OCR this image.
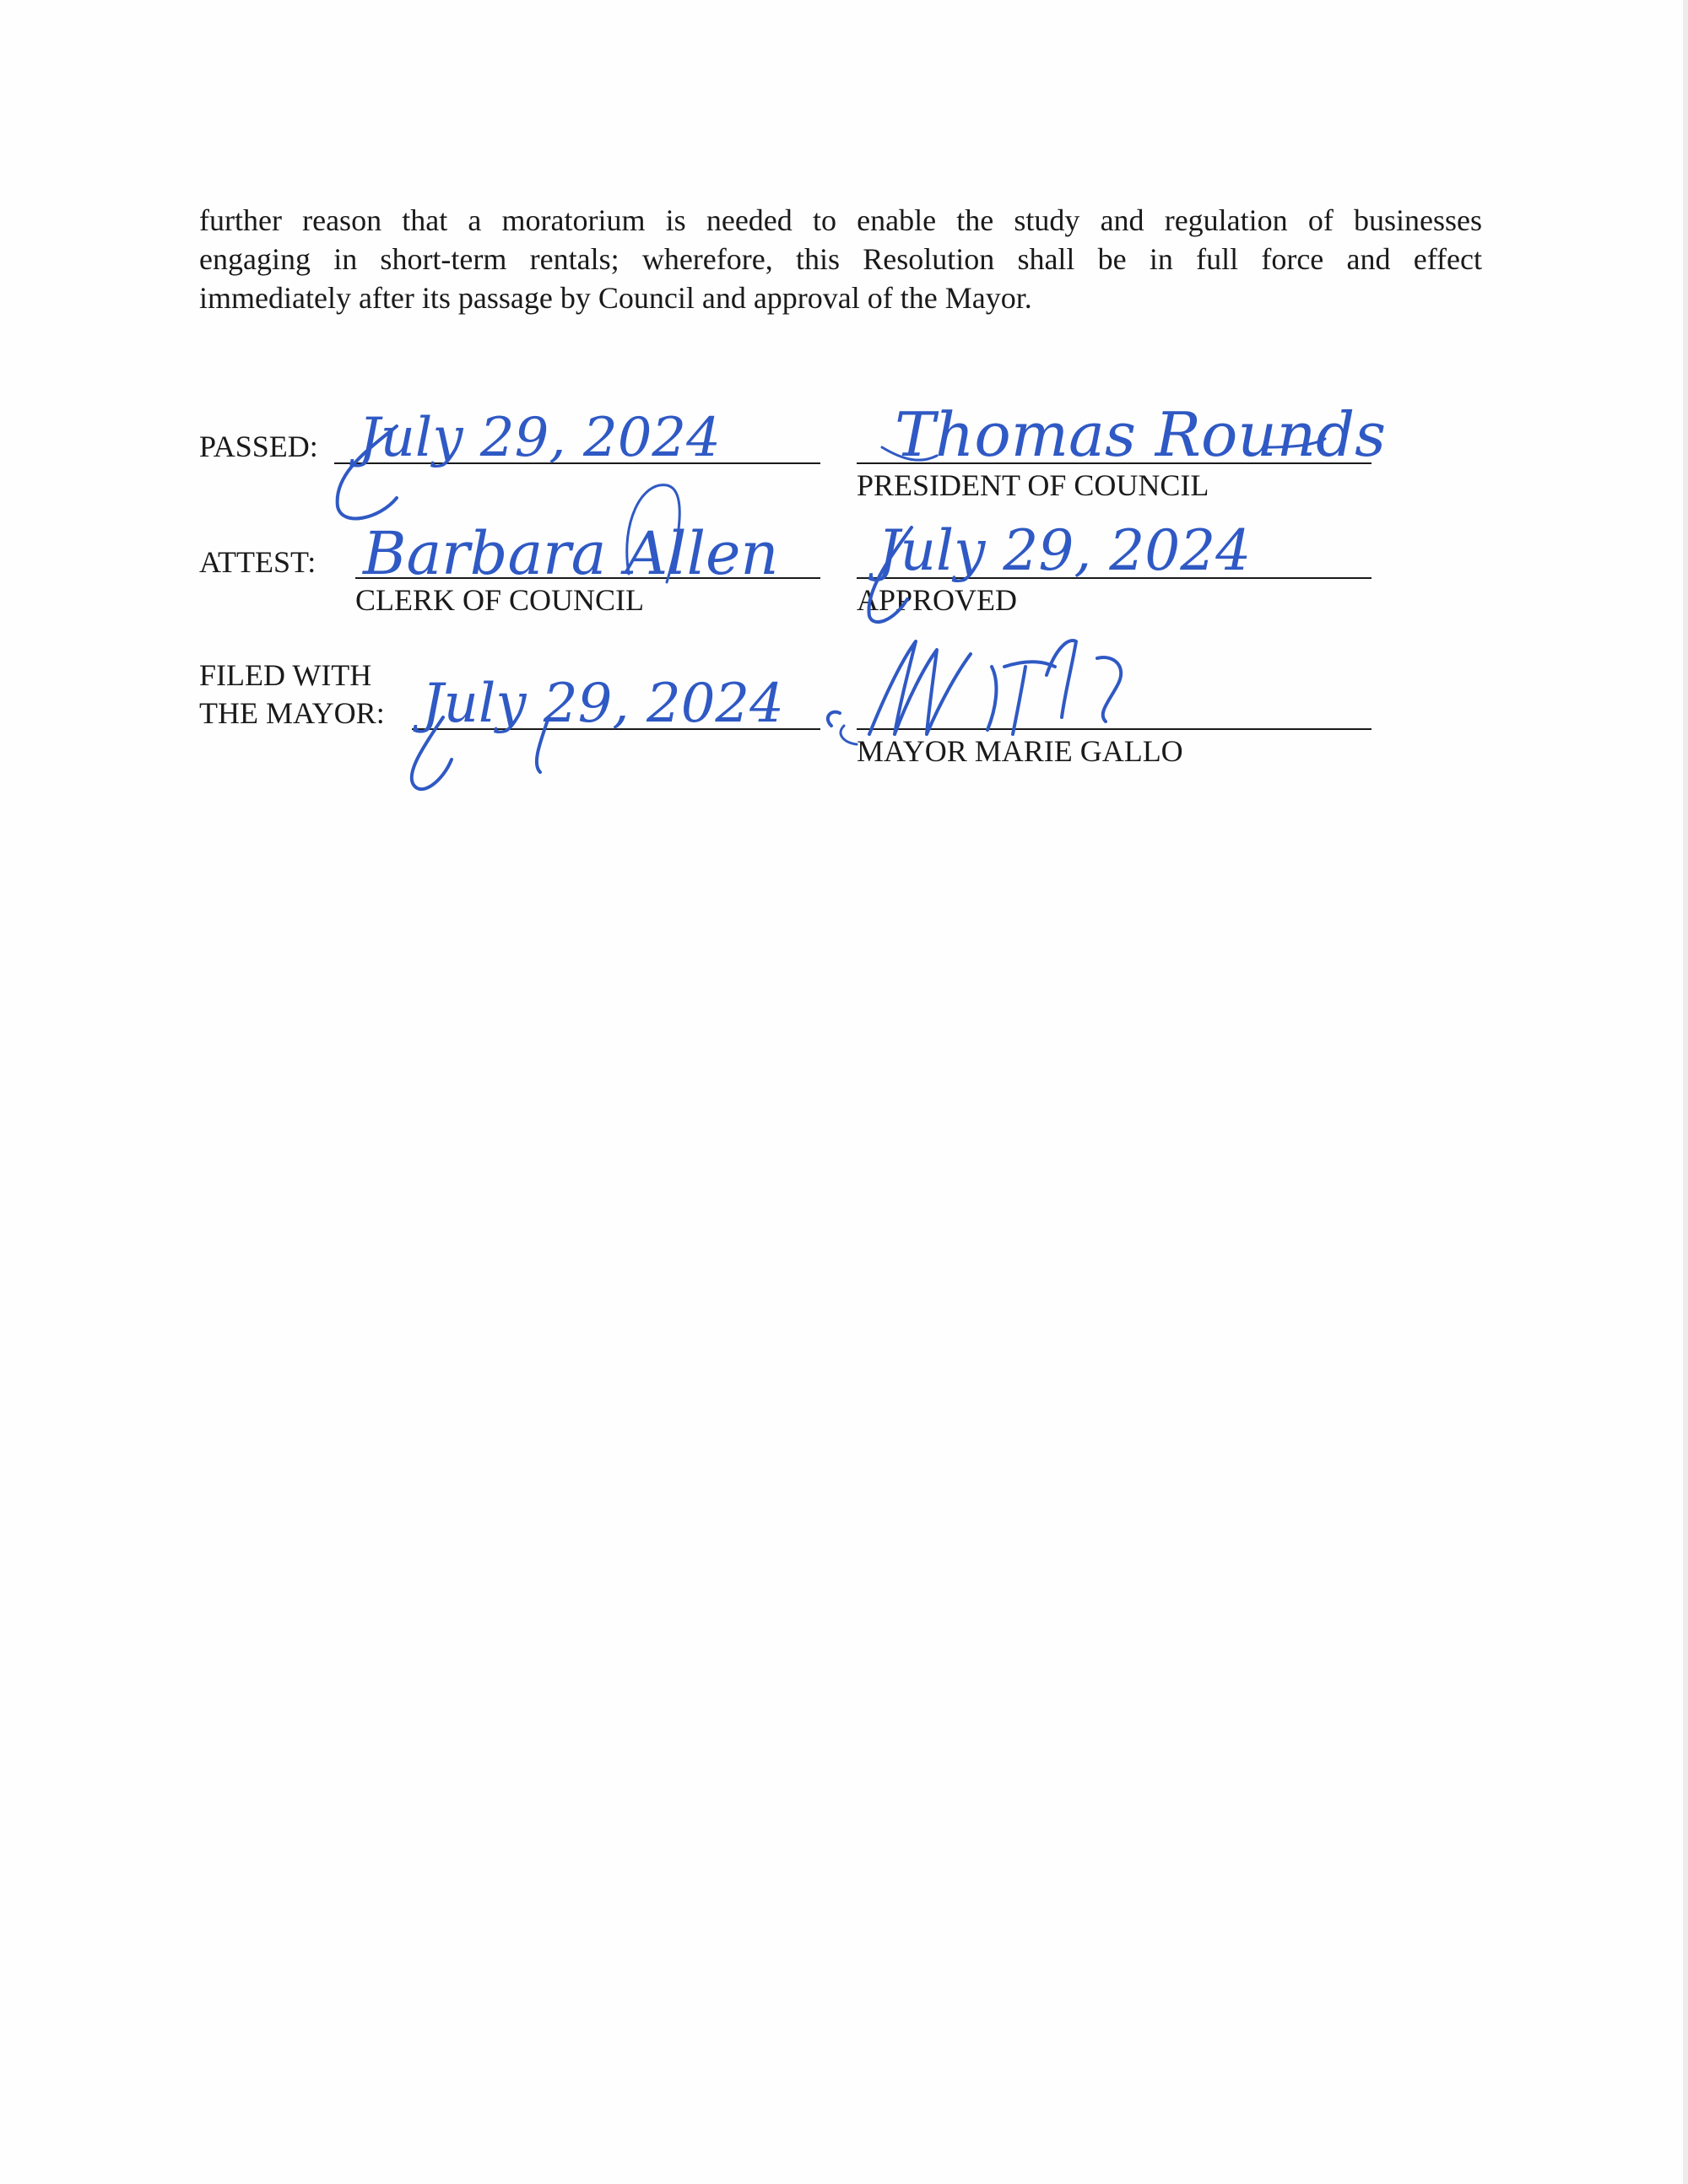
further reason that a moratorium is needed to enable the study and regulation of businesses
engaging in short-term rentals; wherefore, this Resolution shall be in full force and effect
immediately after its passage by Council and approval of the Mayor.

PASSED:
PRESIDENT OF COUNCIL
ATTEST:
CLERK OF COUNCIL	APPROVED
FILED WITH
THE MAYOR:
MAYOR MARIE GALLO
July 29, 2024	Thomas Rounds
Barbara Allen July 29, 2024
July 29, 2024
